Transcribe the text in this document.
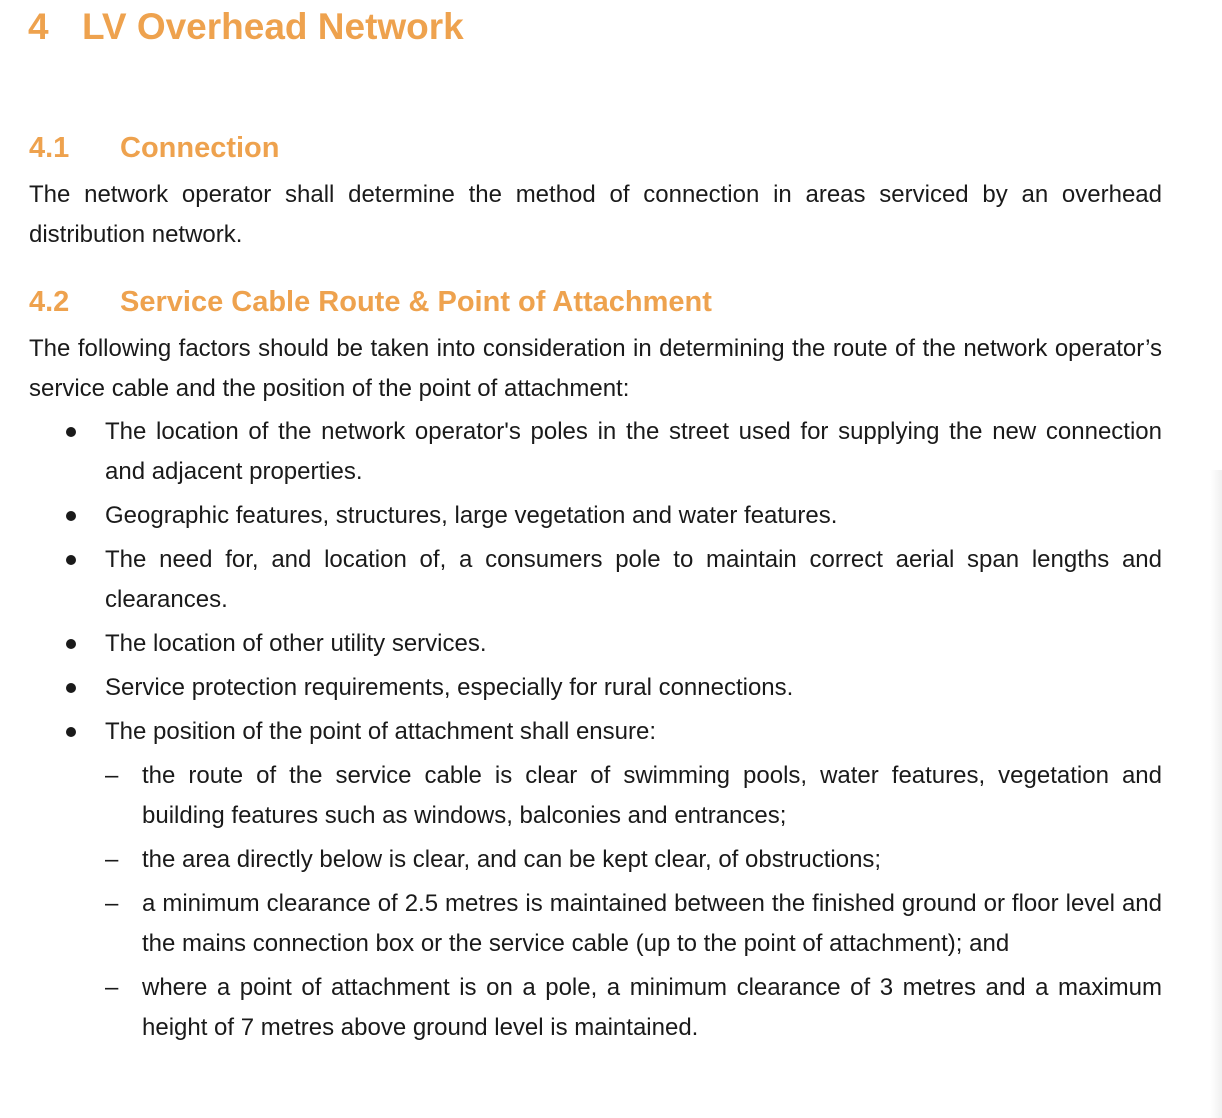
4 LV Overhead Network
4.1 Connection

The network operator shall determine the method of connection in areas serviced by an overhead distribution network.

4.2 Service Cable Route & Point of Attachment

The following factors should be taken into consideration in determining the route of the network operator’s service cable and the position of the point of attachment:

The location of the network operator's poles in the street used for supplying the new connection and adjacent properties.
Geographic features, structures, large vegetation and water features.
The need for, and location of, a consumers pole to maintain correct aerial span lengths and clearances.
The location of other utility services.
Service protection requirements, especially for rural connections.
The position of the point of attachment shall ensure:
– the route of the service cable is clear of swimming pools, water features, vegetation and building features such as windows, balconies and entrances;
– the area directly below is clear, and can be kept clear, of obstructions;
– a minimum clearance of 2.5 metres is maintained between the finished ground or floor level and the mains connection box or the service cable (up to the point of attachment); and
– where a point of attachment is on a pole, a minimum clearance of 3 metres and a maximum height of 7 metres above ground level is maintained.
